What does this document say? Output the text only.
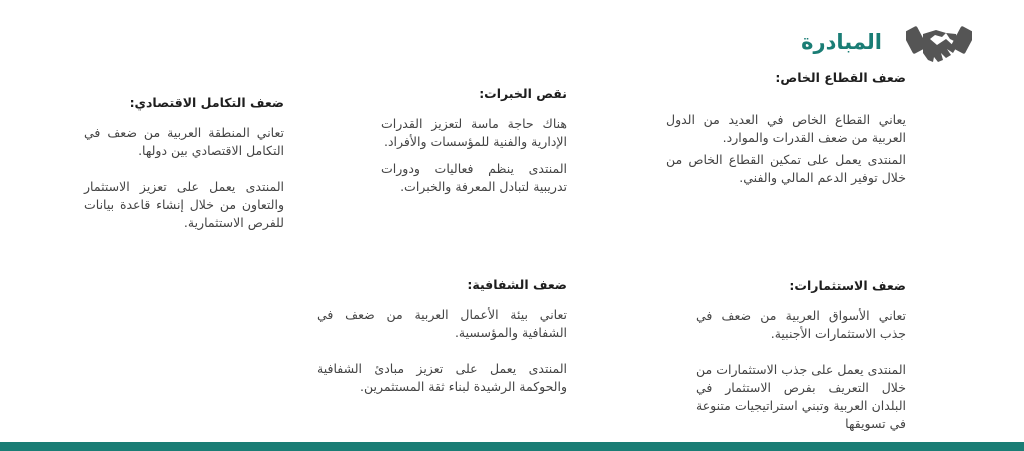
المبادرة
ضعف القطاع الخاص:

يعاني القطاع الخاص في العديد من الدول العربية من ضعف القدرات والموارد.

المنتدى يعمل على تمكين القطاع الخاص من خلال توفير الدعم المالي والفني.

نقص الخبرات:

هناك حاجة ماسة لتعزيز القدرات الإدارية والفنية للمؤسسات والأفراد.

المنتدى ينظم فعاليات ودورات تدريبية لتبادل المعرفة والخبرات.

ضعف التكامل الاقتصادي:

تعاني المنطقة العربية من ضعف في التكامل الاقتصادي بين دولها.

المنتدى يعمل على تعزيز الاستثمار والتعاون من خلال إنشاء قاعدة بيانات للفرص الاستثمارية.

ضعف الاستثمارات:

تعاني الأسواق العربية من ضعف في جذب الاستثمارات الأجنبية.

المنتدى يعمل على جذب الاستثمارات من خلال التعريف بفرص الاستثمار في البلدان العربية وتبني استراتيجيات متنوعة في تسويقها

ضعف الشفافية:

تعاني بيئة الأعمال العربية من ضعف في الشفافية والمؤسسية.

المنتدى يعمل على تعزيز مبادئ الشفافية والحوكمة الرشيدة لبناء ثقة المستثمرين.
